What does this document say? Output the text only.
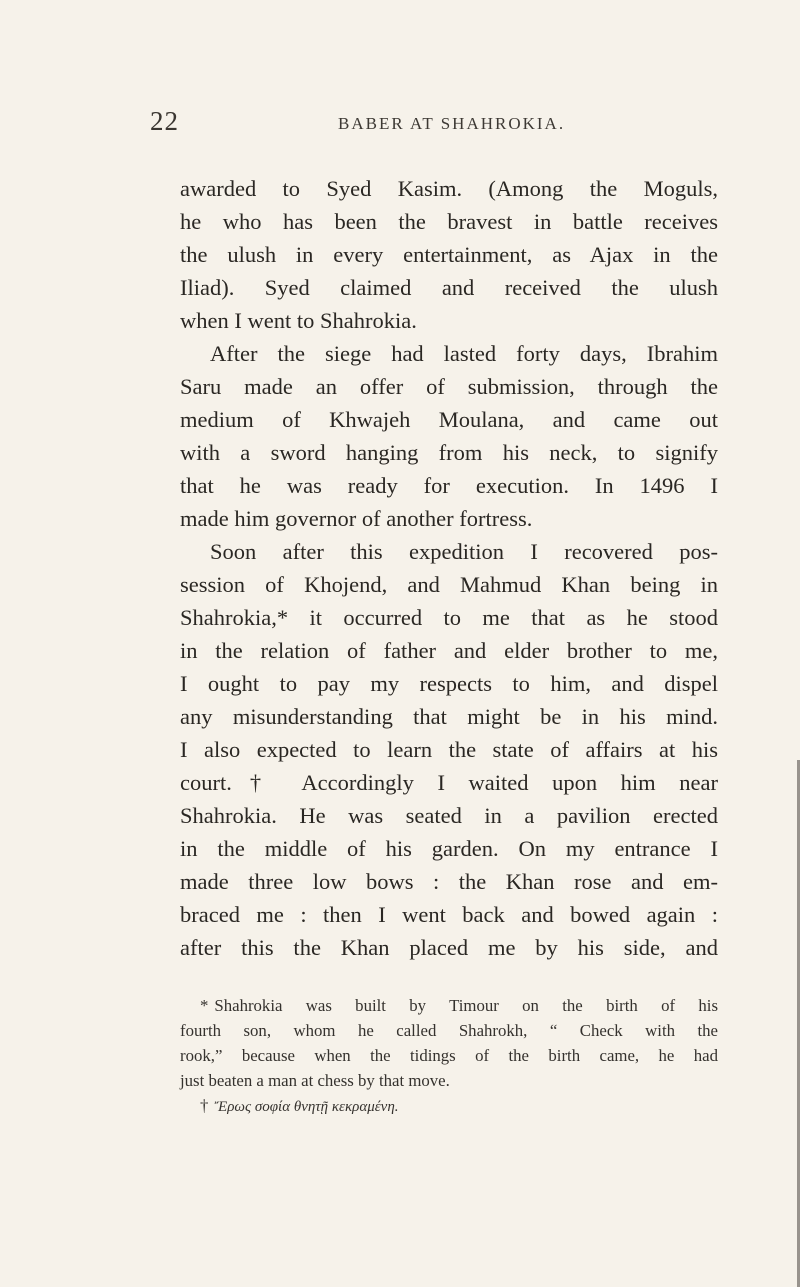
22	BABER AT SHAHROKIA.
awarded to Syed Kasim. (Among the Moguls,
he who has been the bravest in battle receives
the ulush in every entertainment, as Ajax in the
Iliad). Syed claimed and received the ulush
when I went to Shahrokia.
After the siege had lasted forty days, Ibrahim
Saru made an offer of submission, through the
medium of Khwajeh Moulana, and came out
with a sword hanging from his neck, to signify
that he was ready for execution. In 1496 I
made him governor of another fortress.
Soon after this expedition I recovered pos-
session of Khojend, and Mahmud Khan being in
Shahrokia,* it occurred to me that as he stood
in the relation of father and elder brother to me,
I ought to pay my respects to him, and dispel
any misunderstanding that might be in his mind.
I also expected to learn the state of affairs at his
court.† Accordingly I waited upon him near
Shahrokia. He was seated in a pavilion erected
in the middle of his garden. On my entrance I
made three low bows : the Khan rose and em-
braced me : then I went back and bowed again :
after this the Khan placed me by his side, and
* Shahrokia was built by Timour on the birth of his
fourth son, whom he called Shahrokh, “ Check with the
rook,” because when the tidings of the birth came, he had
just beaten a man at chess by that move.
† Ἔρως σοφία θνητῇ κεκραμένη.
